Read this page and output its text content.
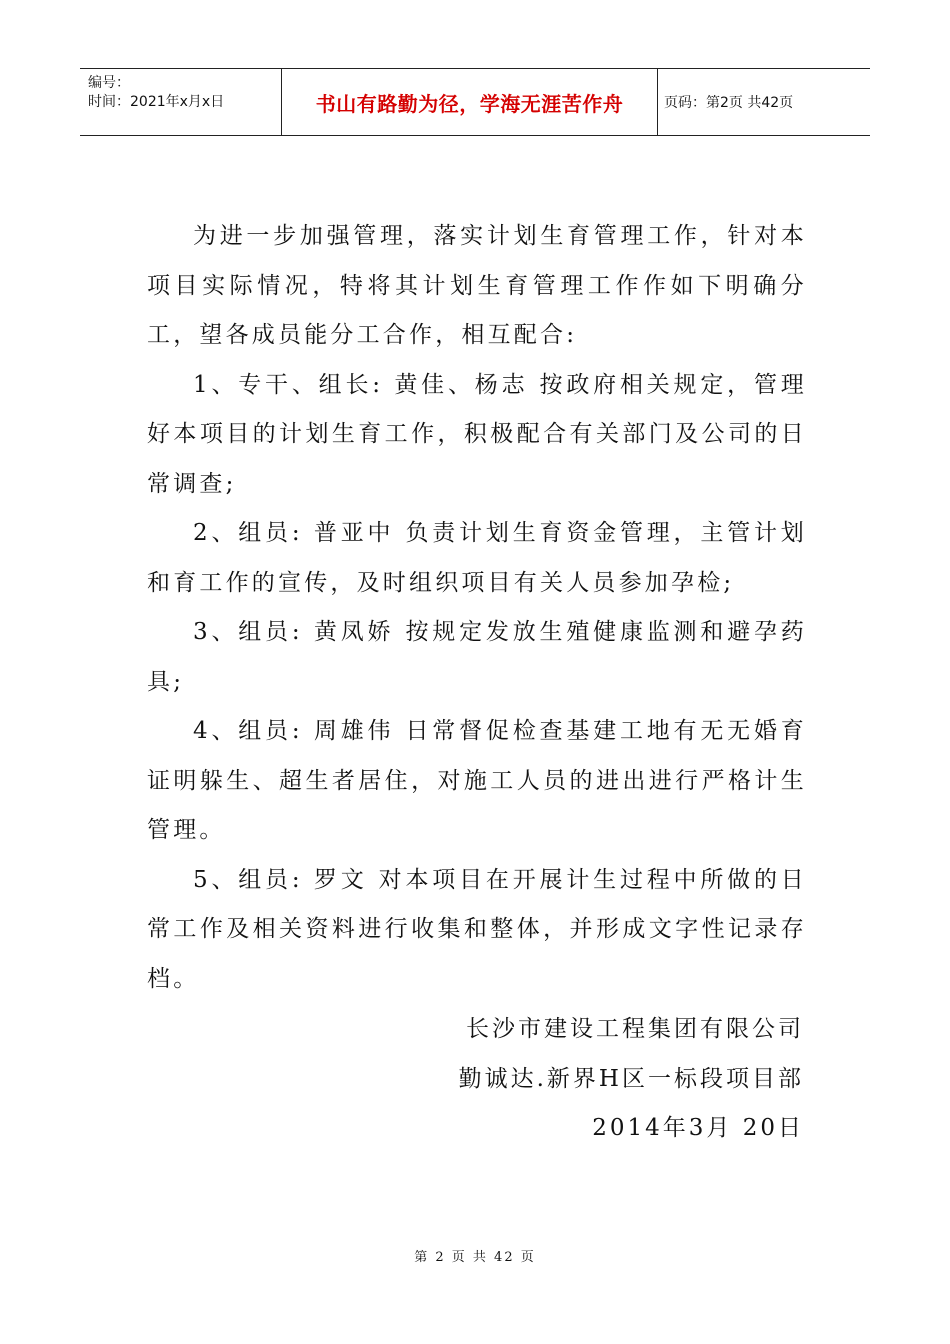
编号：
时间：2021年x月x日	书山有路勤为径，学海无涯苦作舟	页码：第2页 共42页

为进一步加强管理，落实计划生育管理工作，针对本项目实际情况，特将其计划生育管理工作作如下明确分工，望各成员能分工合作，相互配合:

1、专干、组长: 黄佳、杨志 按政府相关规定，管理好本项目的计划生育工作，积极配合有关部门及公司的日常调查;

2、组员: 普亚中 负责计划生育资金管理，主管计划和育工作的宣传，及时组织项目有关人员参加孕检;

3、组员: 黄凤娇 按规定发放生殖健康监测和避孕药具;

4、组员: 周雄伟 日常督促检查基建工地有无无婚育证明躲生、超生者居住，对施工人员的进出进行严格计生管理。

5、组员: 罗文 对本项目在开展计生过程中所做的日常工作及相关资料进行收集和整体，并形成文字性记录存档。

长沙市建设工程集团有限公司

勤诚达.新界H区一标段项目部

2014年3月 20日

第 2 页 共 42 页
